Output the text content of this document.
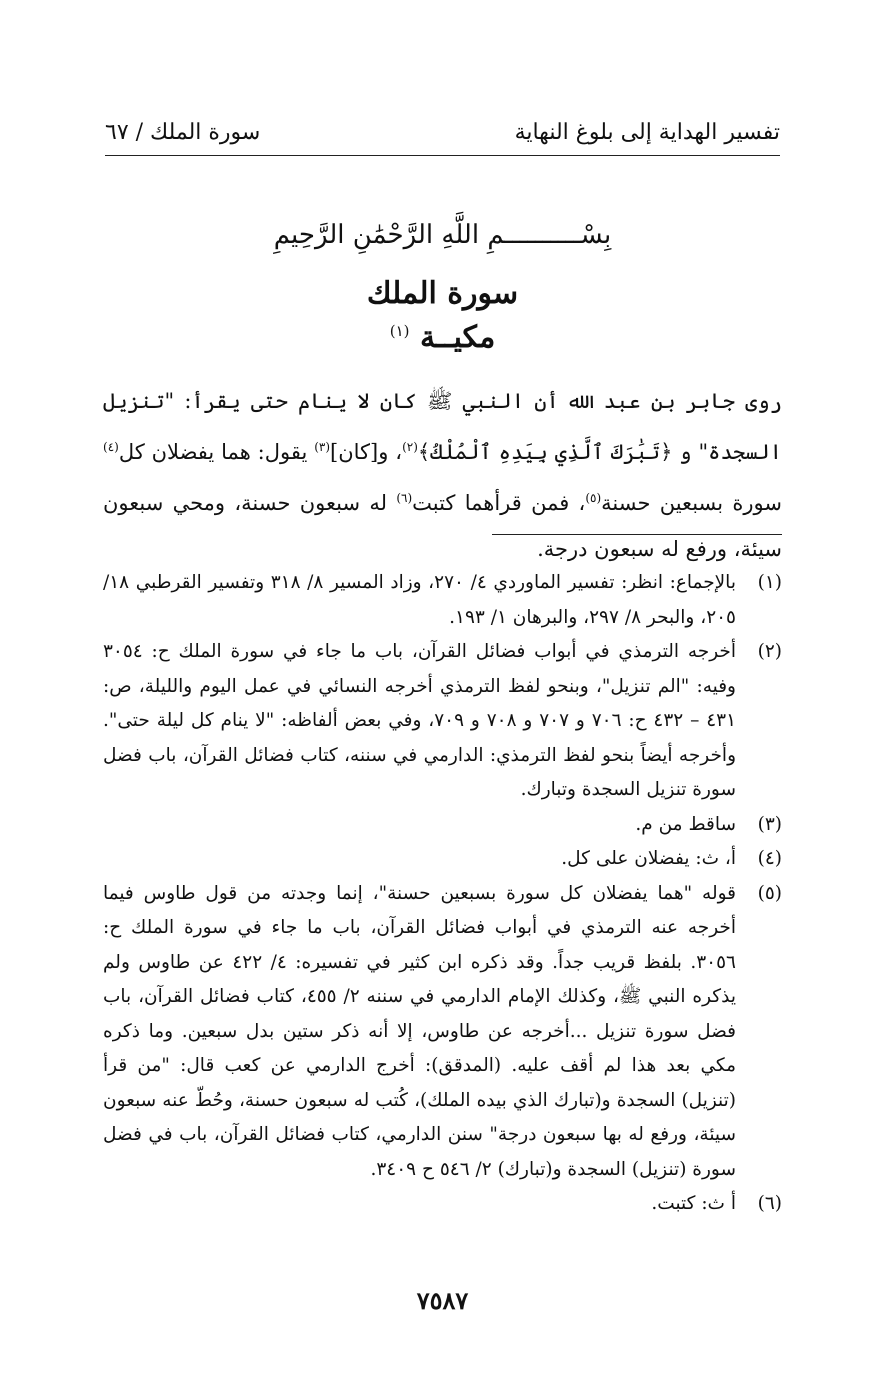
تفسير الهداية إلى بلوغ النهاية
سورة الملك / ٦٧
بِسْــــــــــمِ اللَّهِ الرَّحْمَٰنِ الرَّحِيمِ
سورة الملك
مكيــة $^{(١)}$
روى جابر بن عبد الله أن النبي ﷺ كان لا ينام حتى يقرأ: "تنزيل السجدة" و ﴿تَبَٰرَكَ ٱلَّذِي بِيَدِهِ ٱلْمُلْكُ﴾$^{(٢)}$، و[كان]$^{(٣)}$ يقول: هما يفضلان كل$^{(٤)}$ سورة بسبعين حسنة$^{(٥)}$، فمن قرأهما كتبت$^{(٦)}$ له سبعون حسنة، ومحي سبعون سيئة، ورفع له سبعون درجة.
(١)
بالإجماع: انظر: تفسير الماوردي ٤/ ٢٧٠، وزاد المسير ٨/ ٣١٨ وتفسير القرطبي ١٨/ ٢٠٥، والبحر ٨/ ٢٩٧، والبرهان ١/ ١٩٣.
(٢)
أخرجه الترمذي في أبواب فضائل القرآن، باب ما جاء في سورة الملك ح: ٣٠٥٤ وفيه: "الم تنزيل"، وبنحو لفظ الترمذي أخرجه النسائي في عمل اليوم والليلة، ص: ٤٣١ – ٤٣٢ ح: ٧٠٦ و ٧٠٧ و ٧٠٨ و ٧٠٩، وفي بعض ألفاظه: "لا ينام كل ليلة حتى". وأخرجه أيضاً بنحو لفظ الترمذي: الدارمي في سننه، كتاب فضائل القرآن، باب فضل سورة تنزيل السجدة وتبارك.
(٣)
ساقط من م.
(٤)
أ، ث: يفضلان على كل.
(٥)
قوله "هما يفضلان كل سورة بسبعين حسنة"، إنما وجدته من قول طاوس فيما أخرجه عنه الترمذي في أبواب فضائل القرآن، باب ما جاء في سورة الملك ح: ٣٠٥٦. بلفظ قريب جداً. وقد ذكره ابن كثير في تفسيره: ٤/ ٤٢٢ عن طاوس ولم يذكره النبي ﷺ، وكذلك الإمام الدارمي في سننه ٢/ ٤٥٥، كتاب فضائل القرآن، باب فضل سورة تنزيل ...أخرجه عن طاوس، إلا أنه ذكر ستين بدل سبعين. وما ذكره مكي بعد هذا لم أقف عليه. (المدقق): أخرج الدارمي عن كعب قال: "من قرأ (تنزيل) السجدة و(تبارك الذي بيده الملك)، كُتب له سبعون حسنة، وحُطّ عنه سبعون سيئة، ورفع له بها سبعون درجة" سنن الدارمي، كتاب فضائل القرآن، باب في فضل سورة (تنزيل) السجدة و(تبارك) ٢/ ٥٤٦ ح ٣٤٠٩.
(٦)
أ ث: كتبت.
٧٥٨٧
